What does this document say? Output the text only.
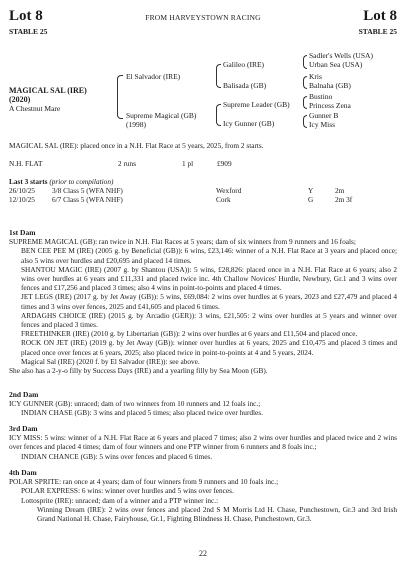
Lot 8	Lot 8
FROM HARVEYSTOWN RACING
STABLE 25	STABLE 25
MAGICAL SAL (IRE) (2020)
A Chestnut Mare
El Salvador (IRE)
Supreme Magical (GB)
(1998)
Galileo (IRE)
Balisada (GB)
Supreme Leader (GB)
Icy Gunner (GB)
Sadler's Wells (USA)
Urban Sea (USA)
Kris
Balnaha (GB)
Bustino
Princess Zena
Gunner B
Icy Miss
MAGICAL SAL (IRE): placed once in a N.H. Flat Race at 5 years, 2025, from 2 starts.
N.H. FLAT	2 runs	1 pl	£909
Last 3 starts (prior to compilation)
26/10/25 3/8 Class 5 (WFA NHF)	Wexford	Y	2m
12/10/25 6/7 Class 5 (WFA NHF)	Cork	G	2m 3f

1st Dam

SUPREME MAGICAL (GB): ran twice in N.H. Flat Races at 5 years; dam of six winners from 9 runners and 16 foals;

BEN CEE PEE M (IRE) (2005 g. by Beneficial (GB)): 6 wins, £23,146: winner of a N.H. Flat Race at 3 years and placed once; also 5 wins over hurdles and £20,695 and placed 14 times.

SHANTOU MAGIC (IRE) (2007 g. by Shantou (USA)): 5 wins, £28,826: placed once in a N.H. Flat Race at 6 years; also 2 wins over hurdles at 6 years and £11,331 and placed twice inc. 4th Challow Novices' Hurdle, Newbury, Gr.1 and 3 wins over fences and £17,256 and placed 3 times; also 4 wins in point-to-points and placed 4 times.

JET LEGS (IRE) (2017 g. by Jet Away (GB)): 5 wins, £69,084: 2 wins over hurdles at 6 years, 2023 and £27,479 and placed 4 times and 3 wins over fences, 2025 and £41,605 and placed 6 times.

ARDAGHS CHOICE (IRE) (2015 g. by Arcadio (GER)): 3 wins, £21,505: 2 wins over hurdles at 5 years and winner over fences and placed 3 times.

FREETHINKER (IRE) (2010 g. by Libertarian (GB)): 2 wins over hurdles at 6 years and £11,504 and placed once.

ROCK ON JET (IRE) (2019 g. by Jet Away (GB)): winner over hurdles at 6 years, 2025 and £10,475 and placed 3 times and placed once over fences at 6 years, 2025; also placed twice in point-to-points at 4 and 5 years, 2024.

Magical Sal (IRE) (2020 f. by El Salvador (IRE)): see above.

She also has a 2-y-o filly by Success Days (IRE) and a yearling filly by Sea Moon (GB).

2nd Dam

ICY GUNNER (GB): unraced; dam of two winners from 10 runners and 12 foals inc.;

INDIAN CHASE (GB): 3 wins and placed 5 times; also placed twice over hurdles.

3rd Dam

ICY MISS: 5 wins: winner of a N.H. Flat Race at 6 years and placed 7 times; also 2 wins over hurdles and placed twice and 2 wins over fences and placed 4 times; dam of four winners and one PTP winner from 6 runners and 8 foals inc.;

INDIAN CHANCE (GB): 5 wins over fences and placed 6 times.

4th Dam

POLAR SPRITE: ran once at 4 years; dam of four winners from 9 runners and 10 foals inc.;

POLAR EXPRESS: 6 wins: winner over hurdles and 5 wins over fences.

Lottosprite (IRE): unraced; dam of a winner and a PTP winner inc.:

Winning Dream (IRE): 2 wins over fences and placed 2nd S M Morris Ltd H. Chase, Punchestown, Gr.3 and 3rd Irish Grand National H. Chase, Fairyhouse, Gr.1, Fighting Blindness H. Chase, Punchestown, Gr.3.

22
